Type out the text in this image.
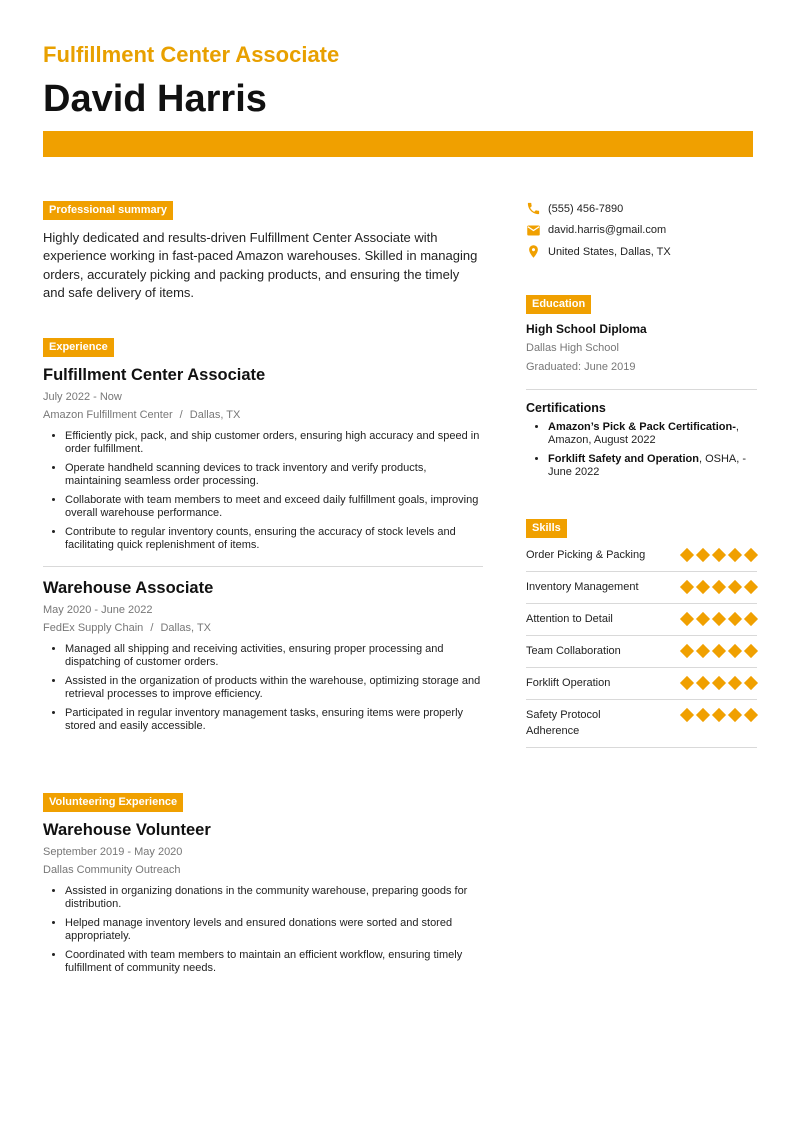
Fulfillment Center Associate
David Harris
Professional summary
Highly dedicated and results-driven Fulfillment Center Associate with experience working in fast-paced Amazon warehouses. Skilled in managing orders, accurately picking and packing products, and ensuring the timely and safe delivery of items.
Experience
Fulfillment Center Associate
July 2022 - Now
Amazon Fulfillment Center / Dallas, TX
• Efficiently pick, pack, and ship customer orders, ensuring high accuracy and speed in order fulfillment.
• Operate handheld scanning devices to track inventory and verify products, maintaining seamless order processing.
• Collaborate with team members to meet and exceed daily fulfillment goals, improving overall warehouse performance.
• Contribute to regular inventory counts, ensuring the accuracy of stock levels and facilitating quick replenishment of items.
Warehouse Associate
May 2020 - June 2022
FedEx Supply Chain / Dallas, TX
• Managed all shipping and receiving activities, ensuring proper processing and dispatching of customer orders.
• Assisted in the organization of products within the warehouse, optimizing storage and retrieval processes to improve efficiency.
• Participated in regular inventory management tasks, ensuring items were properly stored and easily accessible.
Volunteering Experience
Warehouse Volunteer
September 2019 - May 2020
Dallas Community Outreach
• Assisted in organizing donations in the community warehouse, preparing goods for distribution.
• Helped manage inventory levels and ensured donations were sorted and stored appropriately.
• Coordinated with team members to maintain an efficient workflow, ensuring timely fulfillment of community needs.
(555) 456-7890
david.harris@gmail.com
United States, Dallas, TX
Education
High School Diploma
Dallas High School
Graduated: June 2019
Certifications
• Amazon’s Pick & Pack Certification-, Amazon, August 2022
• Forklift Safety and Operation, OSHA, - June 2022
Skills
Order Picking & Packing
Inventory Management
Attention to Detail
Team Collaboration
Forklift Operation
Safety Protocol Adherence
